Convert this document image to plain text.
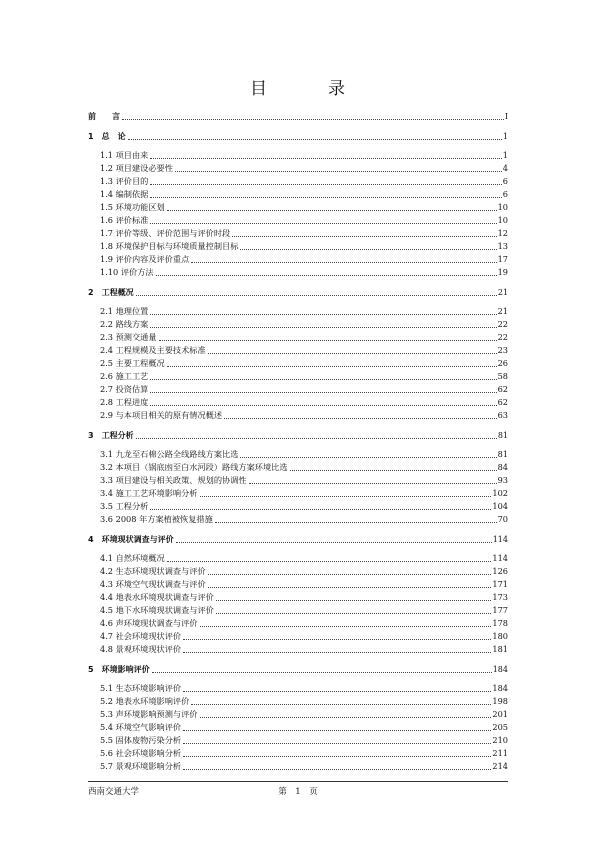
目　录
前　　言	I
1　总　论	1
1.1 项目由来	1
1.2 项目建设必要性	4
1.3 评价目的	6
1.4 编制依据	6
1.5 环境功能区划	10
1.6 评价标准	10
1.7 评价等级、评价范围与评价时段	12
1.8 环境保护目标与环境质量控制目标	13
1.9 评价内容及评价重点	17
1.10 评价方法	19
2　工程概况	21
2.1 地理位置	21
2.2 路线方案	22
2.3 预测交通量	22
2.4 工程规模及主要技术标准	23
2.5 主要工程概况	26
2.6 施工工艺	58
2.7 投资估算	62
2.8 工程进度	62
2.9 与本项目相关的原有情况概述	63
3　工程分析	81
3.1 九龙至石棉公路全线路线方案比选	81
3.2 本项目（锅底凼至白水河段）路线方案环境比选	84
3.3 项目建设与相关政策、规划的协调性	93
3.4 施工工艺环境影响分析	102
3.5 工程分析	104
3.6 2008 年方案植被恢复措施	70
4　环境现状调查与评价	114
4.1 自然环境概况	114
4.2 生态环境现状调查与评价	126
4.3 环境空气现状调查与评价	171
4.4 地表水环境现状调查与评价	173
4.5 地下水环境现状调查与评价	177
4.6 声环境现状调查与评价	178
4.7 社会环境现状评价	180
4.8 景观环境现状评价	181
5　环境影响评价	184
5.1 生态环境影响评价	184
5.2 地表水环境影响评价	198
5.3 声环境影响预测与评价	201
5.4 环境空气影响评价	205
5.5 固体废物污染分析	210
5.6 社会环境影响分析	211
5.7 景观环境影响分析	214
西南交通大学	第　1　页
